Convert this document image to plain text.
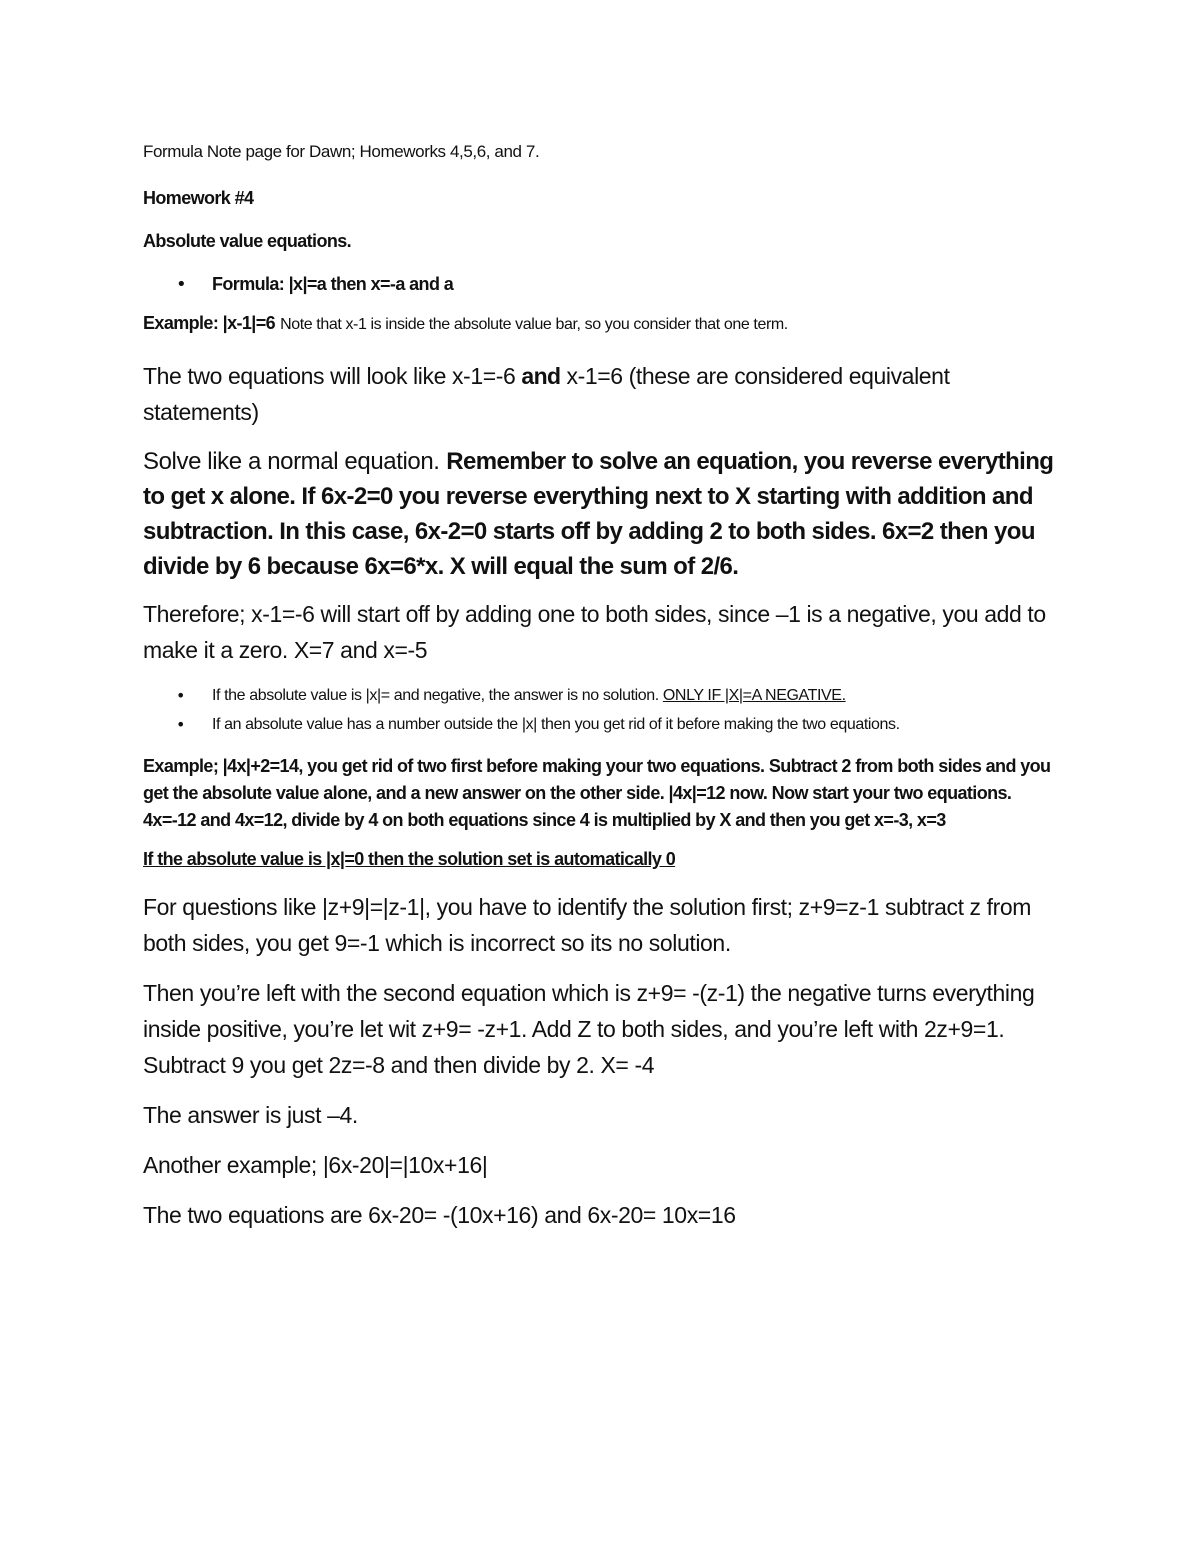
Formula Note page for Dawn; Homeworks 4,5,6, and 7.

Homework #4

Absolute value equations.

• Formula: |x|=a then x=-a and a

Example: |x-1|=6 Note that x-1 is inside the absolute value bar, so you consider that one term.

The two equations will look like x-1=-6 and x-1=6 (these are considered equivalent statements)

Solve like a normal equation. Remember to solve an equation, you reverse everything to get x alone. If 6x-2=0 you reverse everything next to X starting with addition and subtraction. In this case, 6x-2=0 starts off by adding 2 to both sides. 6x=2 then you divide by 6 because 6x=6*x. X will equal the sum of 2/6.

Therefore; x-1=-6 will start off by adding one to both sides, since –1 is a negative, you add to make it a zero. X=7 and x=-5

• If the absolute value is |x|= and negative, the answer is no solution. ONLY IF |X|=A NEGATIVE.
• If an absolute value has a number outside the |x| then you get rid of it before making the two equations.

Example; |4x|+2=14, you get rid of two first before making your two equations. Subtract 2 from both sides and you get the absolute value alone, and a new answer on the other side. |4x|=12 now. Now start your two equations. 4x=-12 and 4x=12, divide by 4 on both equations since 4 is multiplied by X and then you get x=-3, x=3

If the absolute value is |x|=0 then the solution set is automatically 0

For questions like |z+9|=|z-1|, you have to identify the solution first; z+9=z-1 subtract z from both sides, you get 9=-1 which is incorrect so its no solution.

Then you’re left with the second equation which is z+9= -(z-1) the negative turns everything inside positive, you’re let wit z+9= -z+1. Add Z to both sides, and you’re left with 2z+9=1. Subtract 9 you get 2z=-8 and then divide by 2. X= -4

The answer is just –4.

Another example; |6x-20|=|10x+16|

The two equations are 6x-20= -(10x+16) and 6x-20= 10x=16
